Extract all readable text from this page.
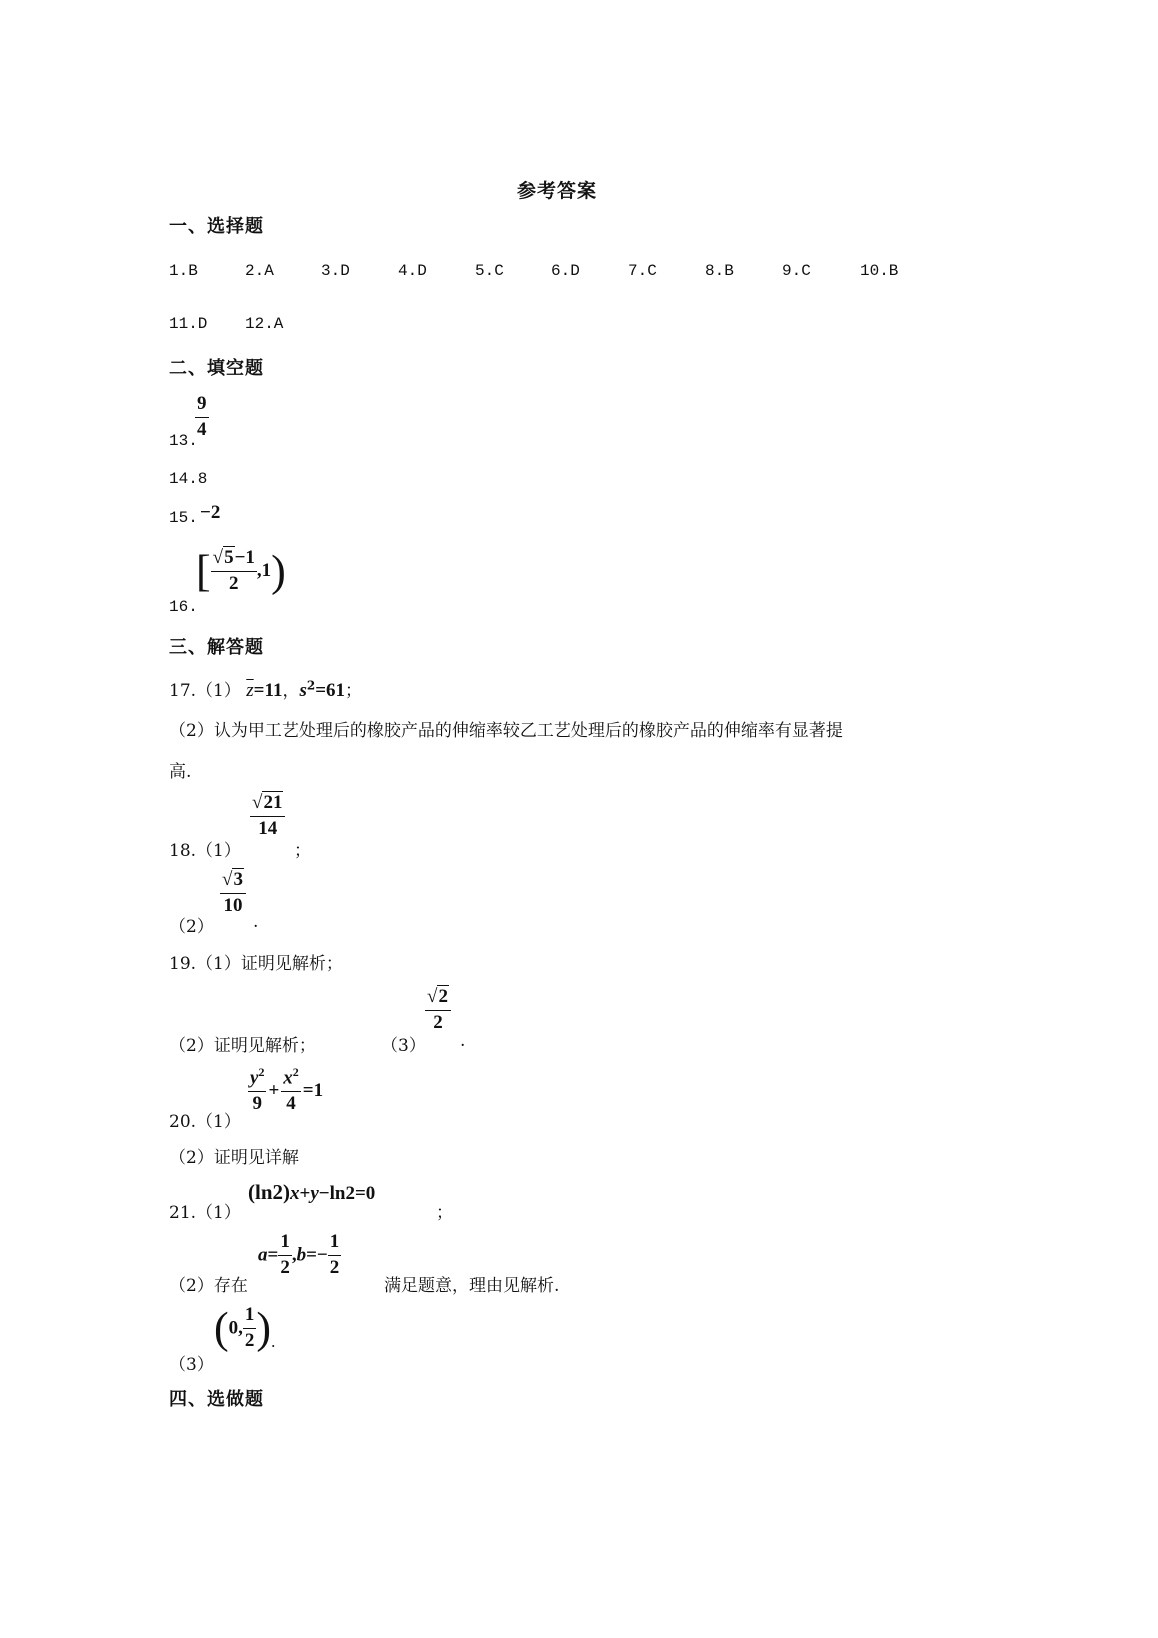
参考答案
一、选择题
1.B	2.A	3.D	4.D	5.C	6.D	7.C	8.B	9.C	10.B
11.D 12.A
二、填空题
13.
$\frac{9}{4}$
14.8
15. −2
16.
[ $\frac{√5-1}{2} ,1$)
三、解答题
17.（1） $\overline{z}=11$，$s^2=61$；
（2）认为甲工艺处理后的橡胶产品的伸缩率较乙工艺处理后的橡胶产品的伸缩率有显著提
高.
18.（1）
$\frac{√21}{14}$
；
（2）
$\frac{√3}{10}$
.
19.（1）证明见解析；
（2）证明见解析；	（3）
$\frac{√2}{2}$
.
20.（1）
$\frac{y^2}{9} + \frac{x^2}{4} =1$
（2）证明见详解
21.（1）
(ln2)x+y−ln2=0
；
（2）存在
$a= \frac{1}{2} ,b=- \frac{1}{2}$
满足题意，理由见解析.
（3）
(0, $\frac{1}{2}$ ).
四、选做题
